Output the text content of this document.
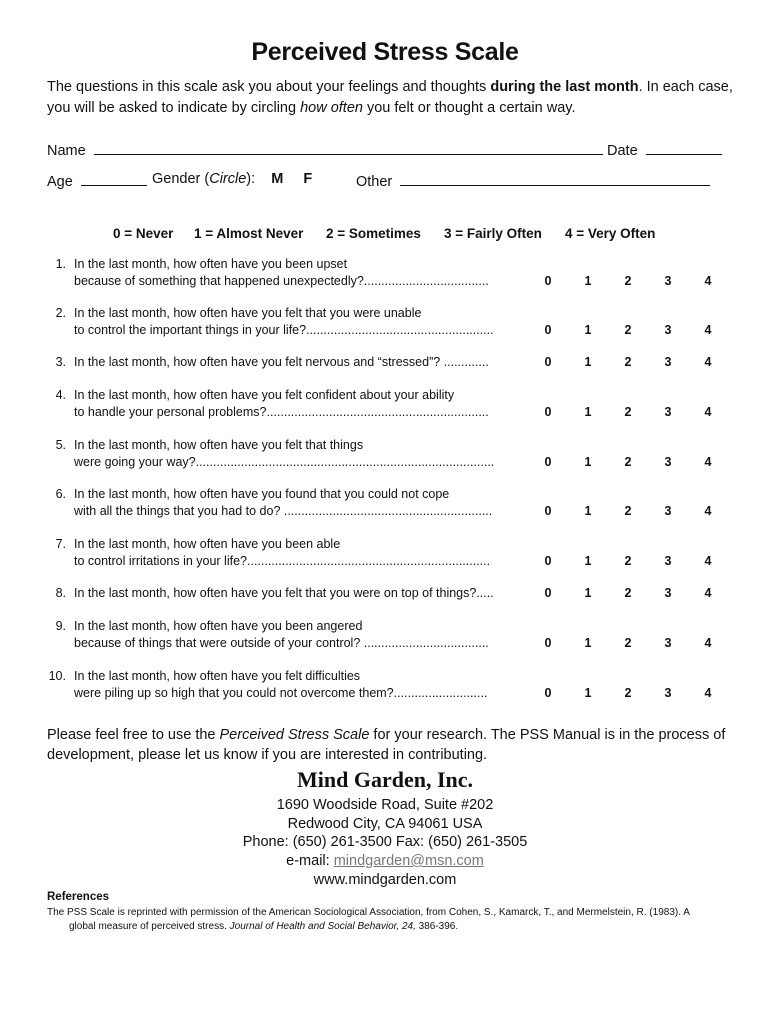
Perceived Stress Scale
The questions in this scale ask you about your feelings and thoughts during the last month. In each case, you will be asked to indicate by circling how often you felt or thought a certain way.
Name	Date
Age	Gender (Circle): M F	Other
0 = Never 1 = Almost Never 2 = Sometimes 3 = Fairly Often 4 = Very Often
1. In the last month, how often have you been upset
because of something that happened unexpectedly?....................................	0	1	2	3	4
2. In the last month, how often have you felt that you were unable
to control the important things in your life?......................................................	0	1	2	3	4
3. In the last month, how often have you felt nervous and “stressed”? .............	0	1	2	3	4
4. In the last month, how often have you felt confident about your ability
to handle your personal problems?................................................................	0	1	2	3	4
5. In the last month, how often have you felt that things
were going your way?......................................................................................	0	1	2	3	4
6. In the last month, how often have you found that you could not cope
with all the things that you had to do? ............................................................	0	1	2	3	4
7. In the last month, how often have you been able
to control irritations in your life?......................................................................	0	1	2	3	4
8. In the last month, how often have you felt that you were on top of things?.....	0	1	2	3	4
9. In the last month, how often have you been angered
because of things that were outside of your control? ....................................	0	1	2	3	4
10. In the last month, how often have you felt difficulties
were piling up so high that you could not overcome them?...........................	0	1	2	3	4
Please feel free to use the Perceived Stress Scale for your research. The PSS Manual is in the process of development, please let us know if you are interested in contributing.
Mind Garden, Inc.
1690 Woodside Road, Suite #202
Redwood City, CA 94061 USA
Phone: (650) 261-3500 Fax: (650) 261-3505
e-mail: mindgarden@msn.com
www.mindgarden.com
References
The PSS Scale is reprinted with permission of the American Sociological Association, from Cohen, S., Kamarck, T., and Mermelstein, R. (1983). A
global measure of perceived stress. Journal of Health and Social Behavior, 24, 386-396.
